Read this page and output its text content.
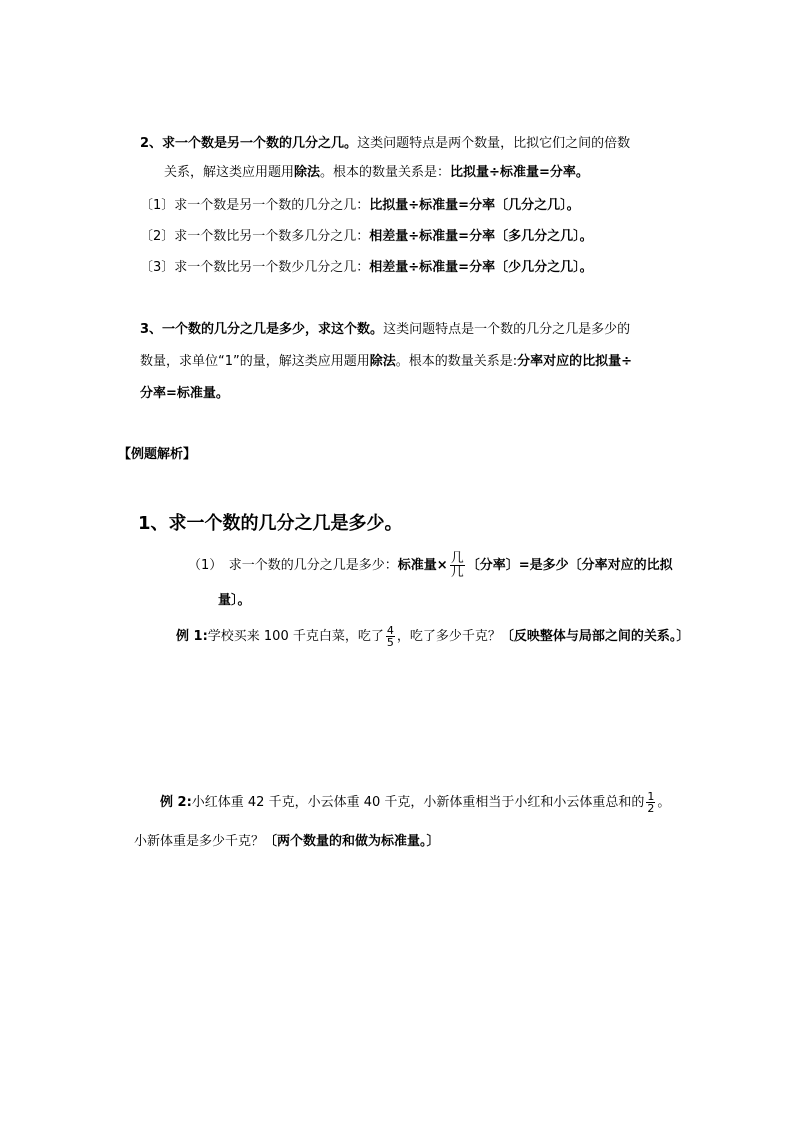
2、求一个数是另一个数的几分之几。这类问题特点是两个数量，比拟它们之间的倍数
关系，解这类应用题用除法。根本的数量关系是：比拟量÷标准量=分率。
〔1〕求一个数是另一个数的几分之几：比拟量÷标准量=分率〔几分之几〕。
〔2〕求一个数比另一个数多几分之几：相差量÷标准量=分率〔多几分之几〕。
〔3〕求一个数比另一个数少几分之几：相差量÷标准量=分率〔少几分之几〕。
3、一个数的几分之几是多少，求这个数。这类问题特点是一个数的几分之几是多少的
数量，求单位“1”的量，解这类应用题用除法。根本的数量关系是:分率对应的比拟量÷
分率=标准量。
【例题解析】
1、求一个数的几分之几是多少。
（1）　求一个数的几分之几是多少：标准量× $\frac{\text{几}}{\text{几}}$ 〔分率〕=是多少〔分率对应的比拟
量〕。
例 1:学校买来 100 千克白菜，吃了 $\frac{4}{5}$ ，吃了多少千克？〔反映整体与局部之间的关系。〕
例 2:小红体重 42 千克，小云体重 40 千克，小新体重相当于小红和小云体重总和的 $\frac{1}{2}$ 。
小新体重是多少千克？〔两个数量的和做为标准量。〕
